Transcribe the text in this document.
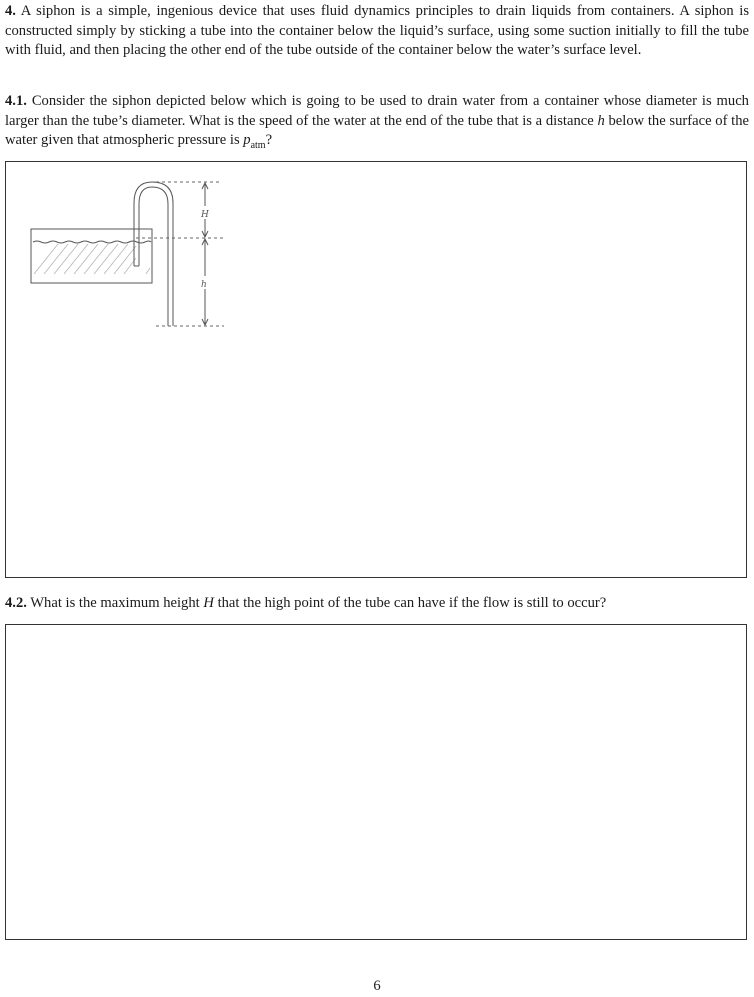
4. A siphon is a simple, ingenious device that uses fluid dynamics principles to drain liquids from containers. A siphon is constructed simply by sticking a tube into the container below the liquid’s surface, using some suction initially to fill the tube with fluid, and then placing the other end of the tube outside of the container below the water’s surface level.

4.1. Consider the siphon depicted below which is going to be used to drain water from a container whose diameter is much larger than the tube’s diameter. What is the speed of the water at the end of the tube that is a distance h below the surface of the water given that atmospheric pressure is $p_{atm}$?

H
h

4.2. What is the maximum height H that the high point of the tube can have if the flow is still to occur?

6
